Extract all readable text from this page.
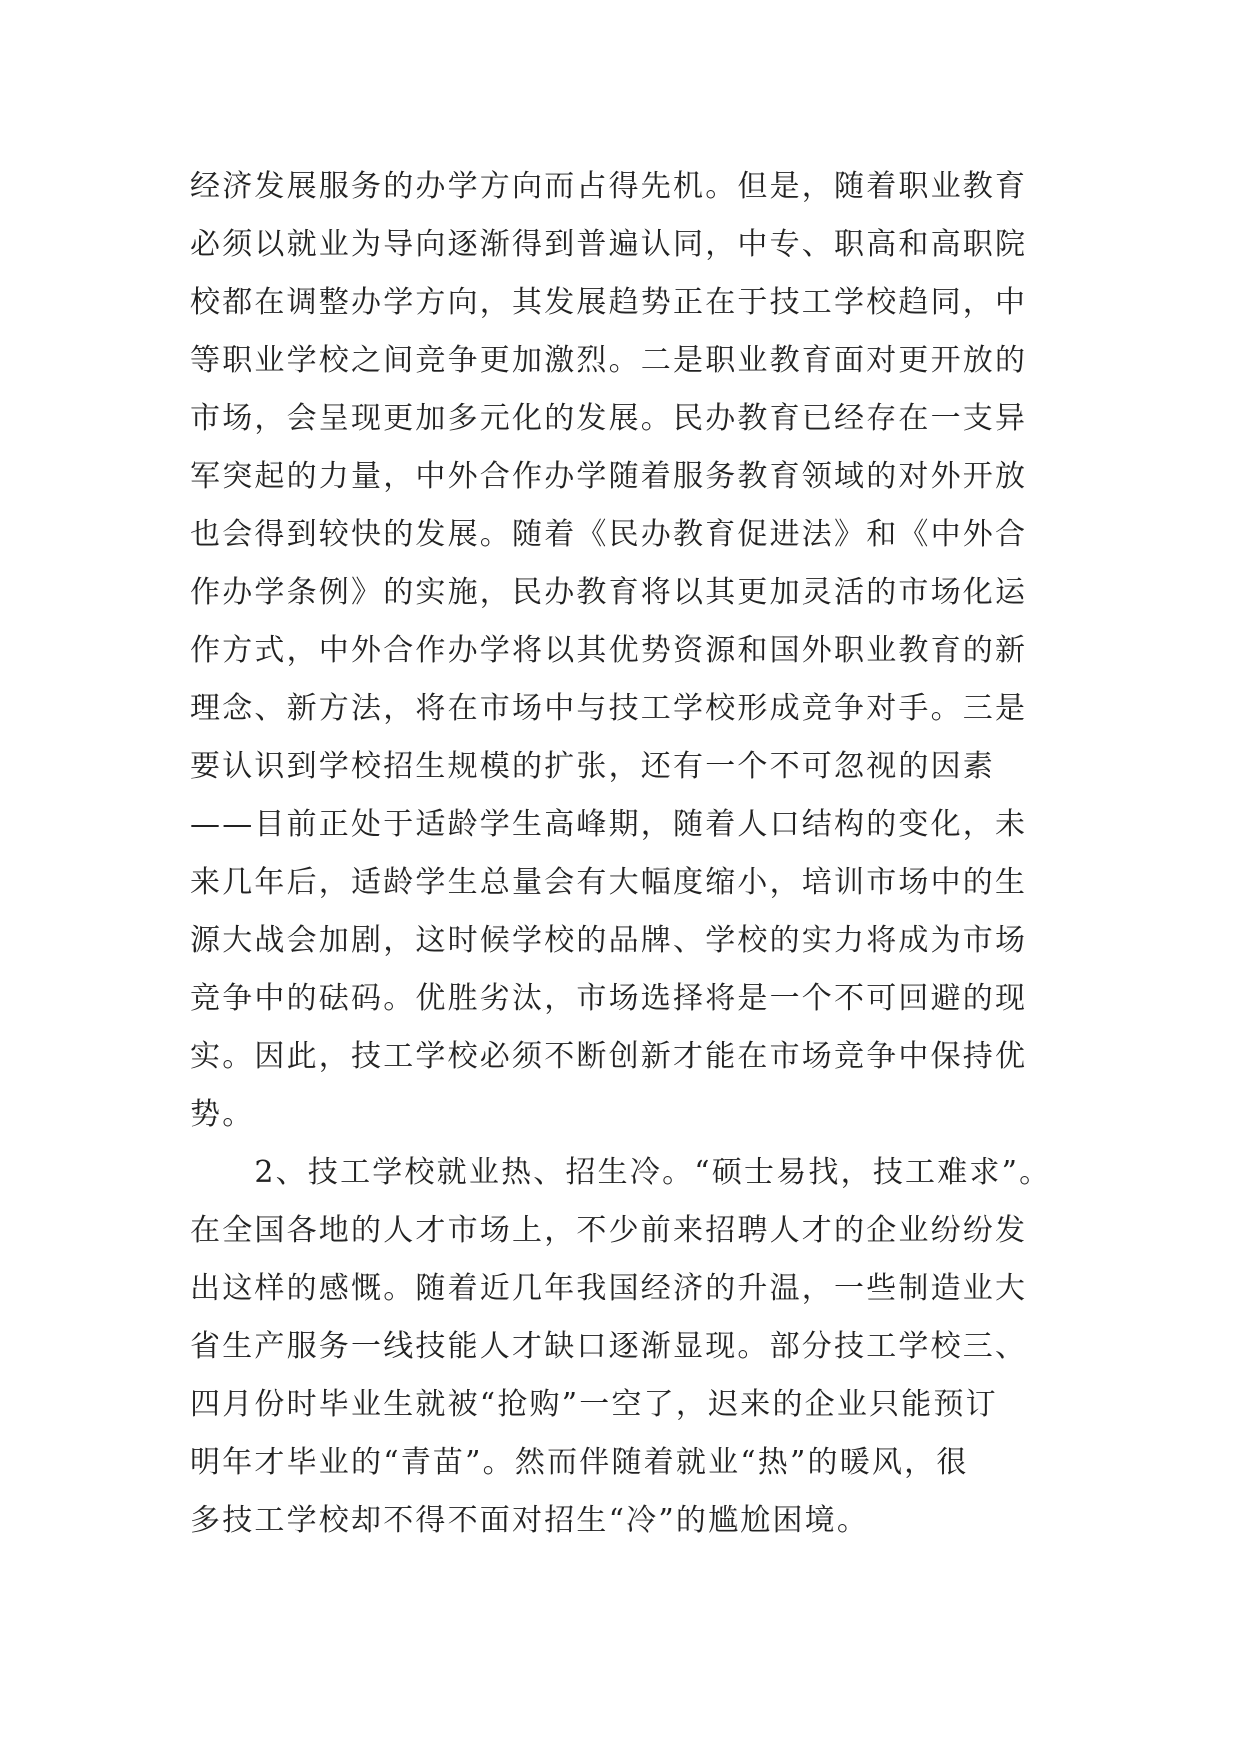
经济发展服务的办学方向而占得先机。但是，随着职业教育
必须以就业为导向逐渐得到普遍认同，中专、职高和高职院
校都在调整办学方向，其发展趋势正在于技工学校趋同，中
等职业学校之间竞争更加激烈。二是职业教育面对更开放的
市场，会呈现更加多元化的发展。民办教育已经存在一支异
军突起的力量，中外合作办学随着服务教育领域的对外开放
也会得到较快的发展。随着《民办教育促进法》和《中外合
作办学条例》的实施，民办教育将以其更加灵活的市场化运
作方式，中外合作办学将以其优势资源和国外职业教育的新
理念、新方法，将在市场中与技工学校形成竞争对手。三是
要认识到学校招生规模的扩张，还有一个不可忽视的因素
——目前正处于适龄学生高峰期，随着人口结构的变化，未
来几年后，适龄学生总量会有大幅度缩小，培训市场中的生
源大战会加剧，这时候学校的品牌、学校的实力将成为市场
竞争中的砝码。优胜劣汰，市场选择将是一个不可回避的现
实。因此，技工学校必须不断创新才能在市场竞争中保持优
势。
　　2、技工学校就业热、招生冷。“硕士易找，技工难求”。
在全国各地的人才市场上，不少前来招聘人才的企业纷纷发
出这样的感慨。随着近几年我国经济的升温，一些制造业大
省生产服务一线技能人才缺口逐渐显现。部分技工学校三、
四月份时毕业生就被“抢购”一空了，迟来的企业只能预订
明年才毕业的“青苗”。然而伴随着就业“热”的暖风，很
多技工学校却不得不面对招生“冷”的尴尬困境。
